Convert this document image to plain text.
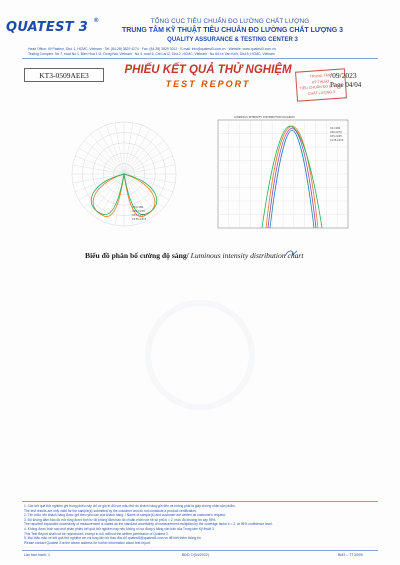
QUATEST 3 ®	TỔNG CỤC TIÊU CHUẨN ĐO LƯỜNG CHẤT LƯỢNG
TRUNG TÂM KỸ THUẬT TIÊU CHUẨN ĐO LƯỜNG CHẤT LƯỢNG 3
QUALITY ASSURANCE & TESTING CENTER 3
Head Office: 49 Pasteur, Dist. 1, HCMC, Vietnam · Tel: (84-28) 3829 4274 · Fax: (84-28) 3829 3012 · E-mail: info@quatest3.com.vn · Website: www.quatest3.com.vn
Testing Complex: No 7, road No 1, Bien Hoa 1 IZ, Dong Nai, Vietnam · No 4, road 6, Cat Lai IZ, Dist.2, HCMC, Vietnam · No 64 Le Van Kich, Dist.5, HCMC, Vietnam
KT3-0509AEE3	PHIẾU KẾT QUẢ THỬ NGHIỆM
TEST REPORT
/09/2023
Page 04/04
TRUNG TÂM
KỸ THUẬT
TIÊU CHUẨN ĐO LƯỜNG
CHẤT LƯỢNG 3
C0-C180
C90-C270
C45-C225
C135-C315
LUMINOUS INTENSITY DISTRIBUTION DIAGRAM
C0-C180
C90-C270
C45-C225
C135-C315
Biểu đồ phân bố cường độ sáng/ Luminous intensity distribution chart
1. Các kết quả thử nghiệm ghi trong phiếu này chỉ có giá trị đối với mẫu thử do khách hàng gửi đến và không phải là giấy chứng nhận sản phẩm.
The test results are only valid for the sample(s) submitted by the customer and do not constitute a product certification.
2. Tên mẫu, tên khách hàng được ghi theo yêu cầu của khách hàng. / Name of sample(s) and customer are written as customer's request.
3. Độ không đảm bảo đo mở rộng được tính từ độ không đảm bảo đo chuẩn nhân với hệ số phủ k = 2, mức độ khoảng tin cậy 95%.
The reported expanded uncertainty of measurement is stated as the standard uncertainty of measurement multiplied by the coverage factor k = 2, at 95% confidence level.
4. Không được trích sao một phần phiếu kết quả thử nghiệm này nếu không có sự đồng ý bằng văn bản của Trung tâm Kỹ thuật 3.
This Test Report shall not be reproduced, except in full, without the written permission of Quatest 3.
5. Mọi thắc mắc về kết quả thử nghiệm xin vui lòng liên hệ theo địa chỉ quatest3@quatest3.com.vn để biết thêm thông tin.
Please contact Quatest 3 at the above address for further information about test report.
Lần ban hành: 1	BĐD 7/(04/2022)	BM3 – TT3/009
